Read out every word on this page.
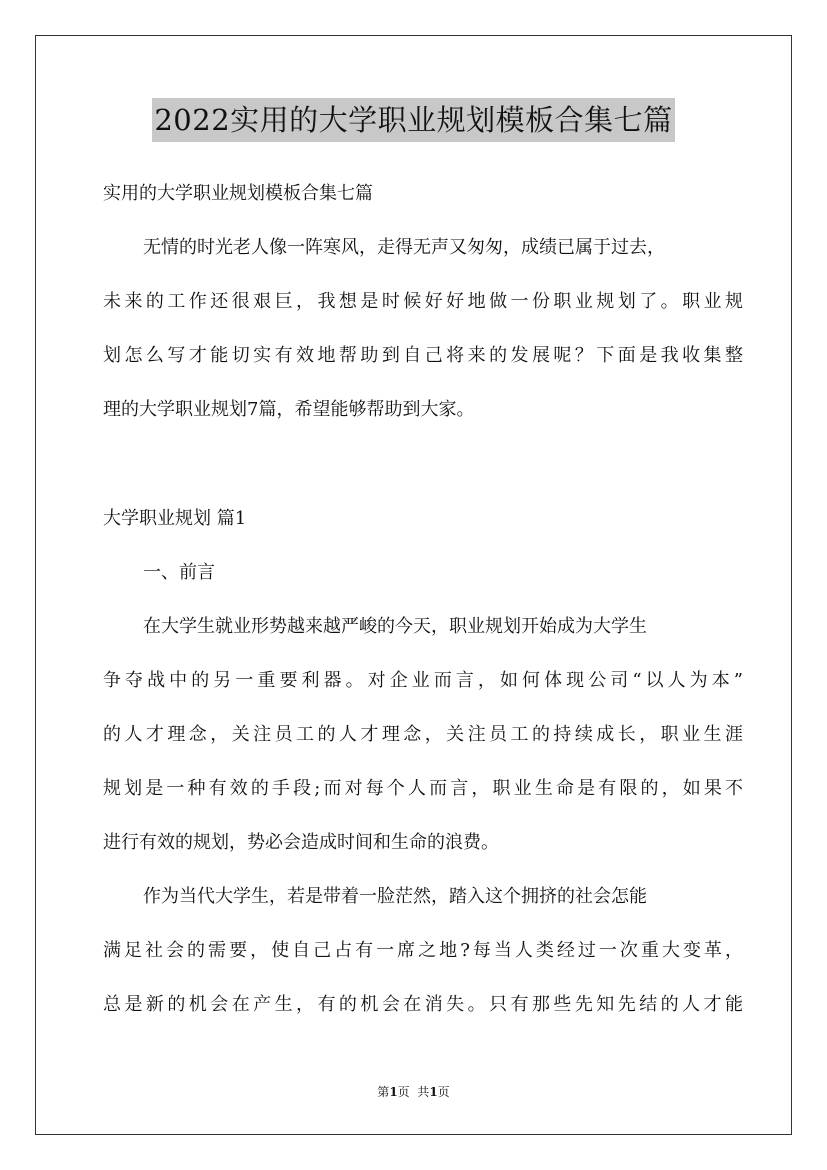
2022实用的大学职业规划模板合集七篇
实用的大学职业规划模板合集七篇
无情的时光老人像一阵寒风，走得无声又匆匆，成绩已属于过去，
未来的工作还很艰巨，我想是时候好好地做一份职业规划了。职业规
划怎么写才能切实有效地帮助到自己将来的发展呢？下面是我收集整
理的大学职业规划7篇，希望能够帮助到大家。
大学职业规划 篇1
一、前言
在大学生就业形势越来越严峻的今天，职业规划开始成为大学生
争夺战中的另一重要利器。对企业而言，如何体现公司“以人为本”
的人才理念，关注员工的人才理念，关注员工的持续成长，职业生涯
规划是一种有效的手段;而对每个人而言，职业生命是有限的，如果不
进行有效的规划，势必会造成时间和生命的浪费。
作为当代大学生，若是带着一脸茫然，踏入这个拥挤的社会怎能
满足社会的需要，使自己占有一席之地?每当人类经过一次重大变革，
总是新的机会在产生，有的机会在消失。只有那些先知先结的人才能
第1页  共1页
